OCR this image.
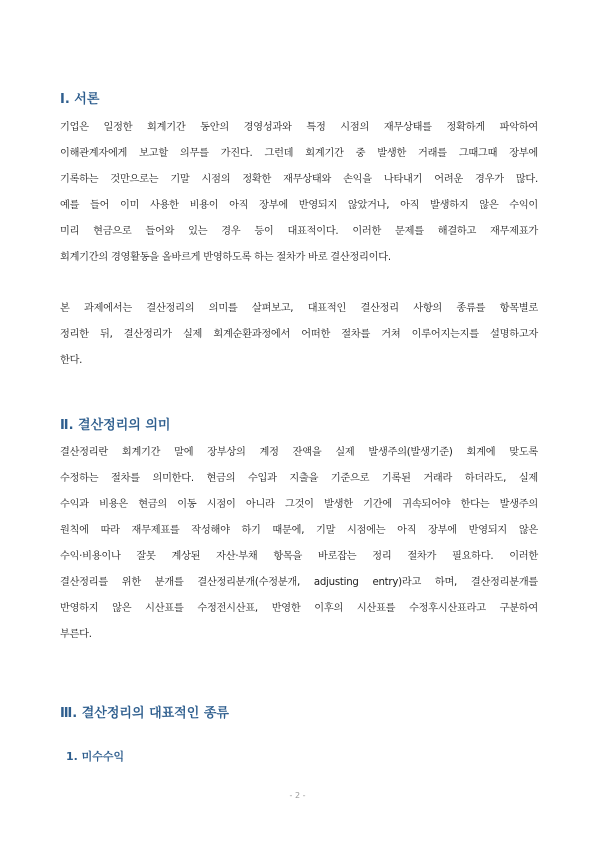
Ⅰ. 서론
기업은 일정한 회계기간 동안의 경영성과와 특정 시점의 재무상태를 정확하게 파악하여
이해관계자에게 보고할 의무를 가진다. 그런데 회계기간 중 발생한 거래를 그때그때 장부에
기록하는 것만으로는 기말 시점의 정확한 재무상태와 손익을 나타내기 어려운 경우가 많다.
예를 들어 이미 사용한 비용이 아직 장부에 반영되지 않았거나, 아직 발생하지 않은 수익이
미리 현금으로 들어와 있는 경우 등이 대표적이다. 이러한 문제를 해결하고 재무제표가
회계기간의 경영활동을 올바르게 반영하도록 하는 절차가 바로 결산정리이다.
본 과제에서는 결산정리의 의미를 살펴보고, 대표적인 결산정리 사항의 종류를 항목별로
정리한 뒤, 결산정리가 실제 회계순환과정에서 어떠한 절차를 거쳐 이루어지는지를 설명하고자
한다.
Ⅱ. 결산정리의 의미
결산정리란 회계기간 말에 장부상의 계정 잔액을 실제 발생주의(발생기준) 회계에 맞도록
수정하는 절차를 의미한다. 현금의 수입과 지출을 기준으로 기록된 거래라 하더라도, 실제
수익과 비용은 현금의 이동 시점이 아니라 그것이 발생한 기간에 귀속되어야 한다는 발생주의
원칙에 따라 재무제표를 작성해야 하기 때문에, 기말 시점에는 아직 장부에 반영되지 않은
수익·비용이나 잘못 계상된 자산·부채 항목을 바로잡는 정리 절차가 필요하다. 이러한
결산정리를 위한 분개를 결산정리분개(수정분개, adjusting entry)라고 하며, 결산정리분개를
반영하지 않은 시산표를 수정전시산표, 반영한 이후의 시산표를 수정후시산표라고 구분하여
부른다.
Ⅲ. 결산정리의 대표적인 종류
1. 미수수익
- 2 -
